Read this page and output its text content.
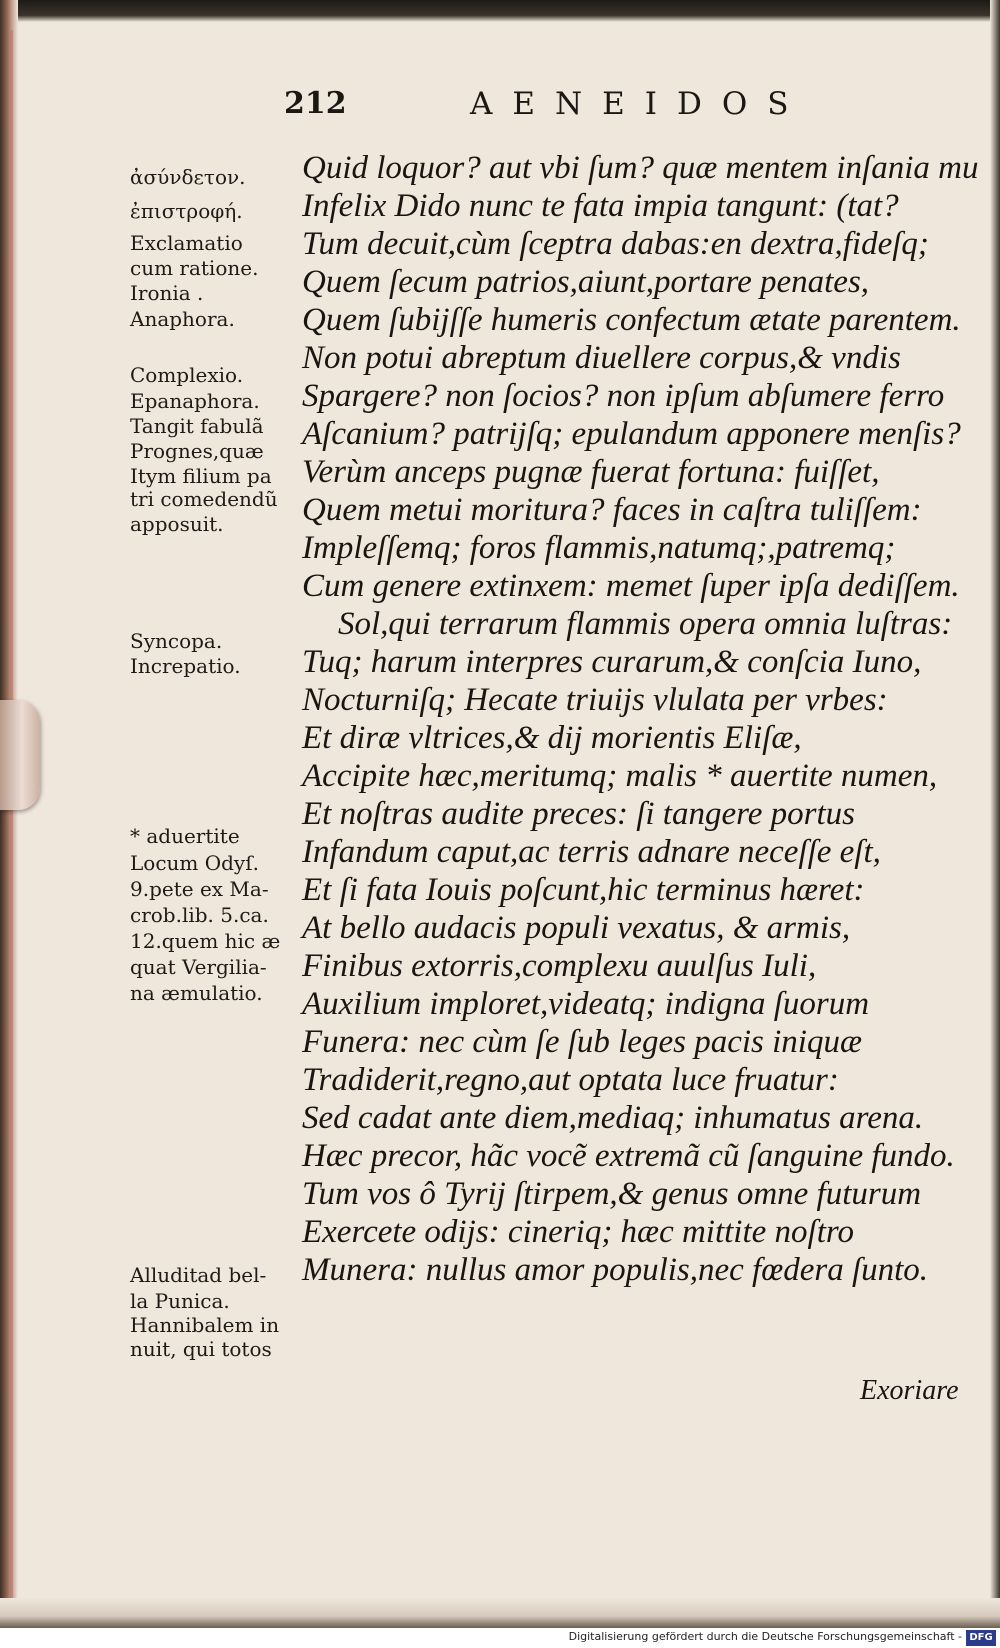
212	AENEIDOS
ἀσύνδετον.
ἐπιστροφή.
Exclamatio
cum ratione.
Ironia .
Anaphora.
Complexio.
Epanaphora.
Tangit fabulã
Prognes,quæ
Itym filium pa
tri comedendũ
apposuit.
Syncopa.
Increpatio.
* aduertite
Locum Odyſ.
9.pete ex Ma-
crob.lib. 5.ca.
12.quem hic æ
quat Vergilia-
na æmulatio.
Alluditad bel-
la Punica.
Hannibalem in
nuit, qui totos
Quid loquor? aut vbi ſum? quæ mentem inſania mu
Infelix Dido nunc te fata impia tangunt: (tat?
Tum decuit,cùm ſceptra dabas:en dextra,fideſq;
Quem ſecum patrios,aiunt,portare penates,
Quem ſubijſſe humeris confectum ætate parentem.
Non potui abreptum diuellere corpus,& vndis
Spargere? non ſocios? non ipſum abſumere ferro
Aſcanium? patrijſq; epulandum apponere menſis?
Verùm anceps pugnæ fuerat fortuna: fuiſſet,
Quem metui moritura? faces in caſtra tuliſſem:
Impleſſemq; foros flammis,natumq;,patremq;
Cum genere extinxem: memet ſuper ipſa dediſſem.
Sol,qui terrarum flammis opera omnia luſtras:
Tuq; harum interpres curarum,& conſcia Iuno,
Nocturniſq; Hecate triuijs vlulata per vrbes:
Et diræ vltrices,& dij morientis Eliſæ,
Accipite hæc,meritumq; malis * auertite numen,
Et noſtras audite preces: ſi tangere portus
Infandum caput,ac terris adnare neceſſe eſt,
Et ſi fata Iouis poſcunt,hic terminus hæret:
At bello audacis populi vexatus, & armis,
Finibus extorris,complexu auulſus Iuli,
Auxilium imploret,videatq; indigna ſuorum
Funera: nec cùm ſe ſub leges pacis iniquæ
Tradiderit,regno,aut optata luce fruatur:
Sed cadat ante diem,mediaq; inhumatus arena.
Hæc precor, hãc vocẽ extremã cũ ſanguine fundo.
Tum vos ô Tyrij ſtirpem,& genus omne futurum
Exercete odijs: cineriq; hæc mittite noſtro
Munera: nullus amor populis,nec fœdera ſunto.
Exoriare
Digitalisierung gefördert durch die Deutsche Forschungsgemeinschaft - DFG
